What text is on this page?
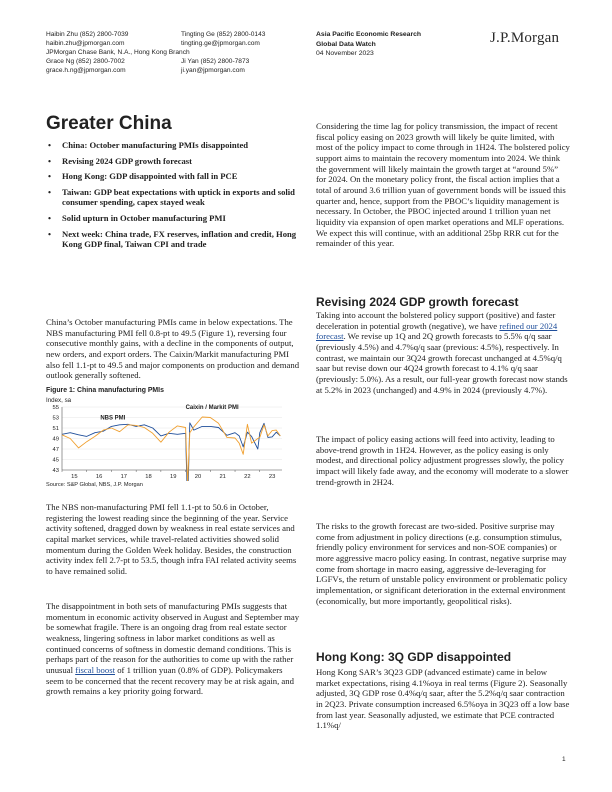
Haibin Zhu (852) 2800-7039
haibin.zhu@jpmorgan.com
JPMorgan Chase Bank, N.A., Hong Kong Branch
Grace Ng (852) 2800-7002
grace.h.ng@jpmorgan.com
Tingting Ge (852) 2800-0143
tingting.ge@jpmorgan.com
Ji Yan (852) 2800-7873
ji.yan@jpmorgan.com
Asia Pacific Economic Research
Global Data Watch
04 November 2023
J.P.Morgan
Greater China
• China: October manufacturing PMIs disappointed
• Revising 2024 GDP growth forecast
• Hong Kong: GDP disappointed with fall in PCE
• Taiwan: GDP beat expectations with uptick in exports and solid consumer spending, capex stayed weak
• Solid upturn in October manufacturing PMI
• Next week: China trade, FX reserves, inflation and credit, Hong Kong GDP final, Taiwan CPI and trade

China’s October manufacturing PMIs came in below expectations. The NBS manufacturing PMI fell 0.8-pt to 49.5 (Figure 1), reversing four consecutive monthly gains, with a decline in the components of output, new orders, and export orders. The Caixin/Markit manufacturing PMI also fell 1.1-pt to 49.5 and major components on production and demand outlook generally softened.

Figure 1: China manufacturing PMIs
Index, sa
43
45
47
49
51
53
55
15	16	17	18	19	20	21	22	23
NBS PMI
Caixin / Markit PMI
Source: S&P Global, NBS, J.P. Morgan

The NBS non-manufacturing PMI fell 1.1-pt to 50.6 in October, registering the lowest reading since the beginning of the year. Service activity softened, dragged down by weakness in real estate services and capital market services, while travel-related activities showed solid momentum during the Golden Week holiday. Besides, the construction activity index fell 2.7-pt to 53.5, though infra FAI related activity seems to have remained solid.

The disappointment in both sets of manufacturing PMIs suggests that momentum in economic activity observed in August and September may be somewhat fragile. There is an ongoing drag from real estate sector weakness, lingering softness in labor market conditions as well as continued concerns of softness in domestic demand conditions. This is perhaps part of the reason for the authorities to come up with the rather unusual fiscal boost of 1 trillion yuan (0.8% of GDP). Policymakers seem to be concerned that the recent recovery may be at risk again, and growth remains a key priority going forward.

Considering the time lag for policy transmission, the impact of recent fiscal policy easing on 2023 growth will likely be quite limited, with most of the policy impact to come through in 1H24. The bolstered policy support aims to maintain the recovery momentum into 2024. We think the government will likely maintain the growth target at “around 5%” for 2024. On the monetary policy front, the fiscal action implies that a total of around 3.6 trillion yuan of government bonds will be issued this quarter and, hence, support from the PBOC’s liquidity management is necessary. In October, the PBOC injected around 1 trillion yuan net liquidity via expansion of open market operations and MLF operations. We expect this will continue, with an additional 25bp RRR cut for the remainder of this year.

Revising 2024 GDP growth forecast

Taking into account the bolstered policy support (positive) and faster deceleration in potential growth (negative), we have refined our 2024 forecast. We revise up 1Q and 2Q growth forecasts to 5.5% q/q saar (previously 4.5%) and 4.7%q/q saar (previous: 4.5%), respectively. In contrast, we maintain our 3Q24 growth forecast unchanged at 4.5%q/q saar but revise down our 4Q24 growth forecast to 4.1% q/q saar (previously: 5.0%). As a result, our full-year growth forecast now stands at 5.2% in 2023 (unchanged) and 4.9% in 2024 (previously 4.7%).

The impact of policy easing actions will feed into activity, leading to above-trend growth in 1H24. However, as the policy easing is only modest, and directional policy adjustment progresses slowly, the policy impact will likely fade away, and the economy will moderate to a slower trend-growth in 2H24.

The risks to the growth forecast are two-sided. Positive surprise may come from adjustment in policy directions (e.g. consumption stimulus, friendly policy environment for services and non-SOE companies) or more aggressive macro policy easing. In contrast, negative surprise may come from shortage in macro easing, aggressive de-leveraging for LGFVs, the return of unstable policy environment or problematic policy implementation, or significant deterioration in the external environment (economically, but more importantly, geopolitical risks).

Hong Kong: 3Q GDP disappointed

Hong Kong SAR’s 3Q23 GDP (advanced estimate) came in below market expectations, rising 4.1%oya in real terms (Figure 2). Seasonally adjusted, 3Q GDP rose 0.4%q/q saar, after the 5.2%q/q saar contraction in 2Q23. Private consumption increased 6.5%oya in 3Q23 off a low base from last year. Seasonally adjusted, we estimate that PCE contracted 1.1%q/

1
